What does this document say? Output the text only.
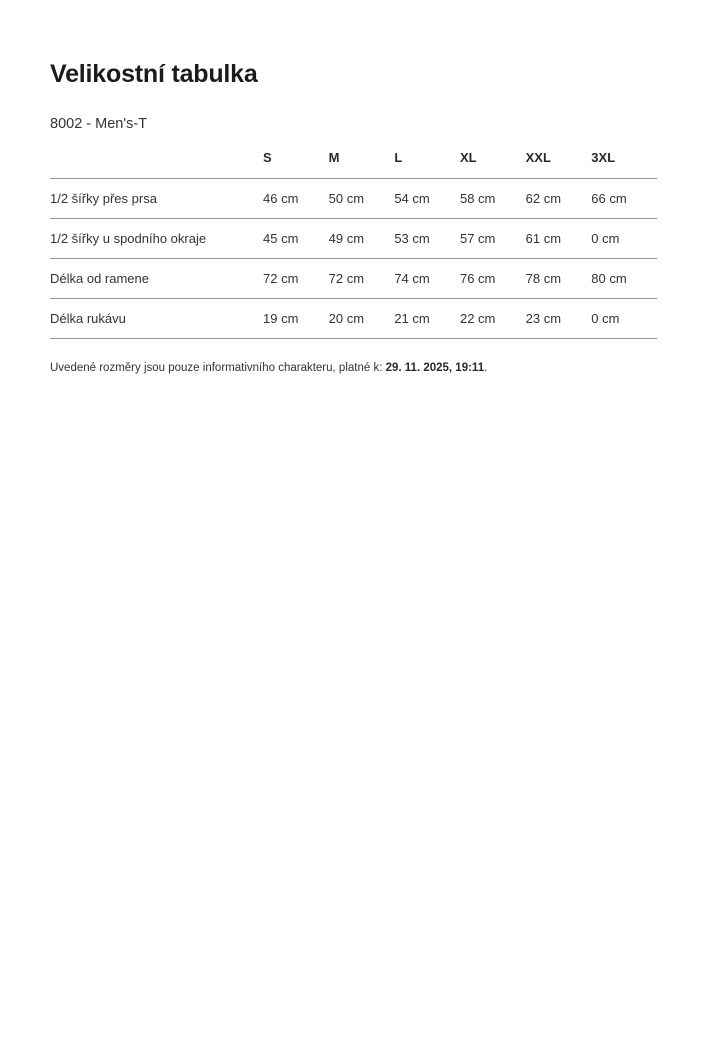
Velikostní tabulka

8002 - Men's-T

	S	M	L	XL	XXL	3XL
1/2 šířky přes prsa	46 cm	50 cm	54 cm	58 cm	62 cm	66 cm
1/2 šířky u spodního okraje	45 cm	49 cm	53 cm	57 cm	61 cm	0 cm
Délka od ramene	72 cm	72 cm	74 cm	76 cm	78 cm	80 cm
Délka rukávu	19 cm	20 cm	21 cm	22 cm	23 cm	0 cm

Uvedené rozměry jsou pouze informativního charakteru, platné k: 29. 11. 2025, 19:11.
